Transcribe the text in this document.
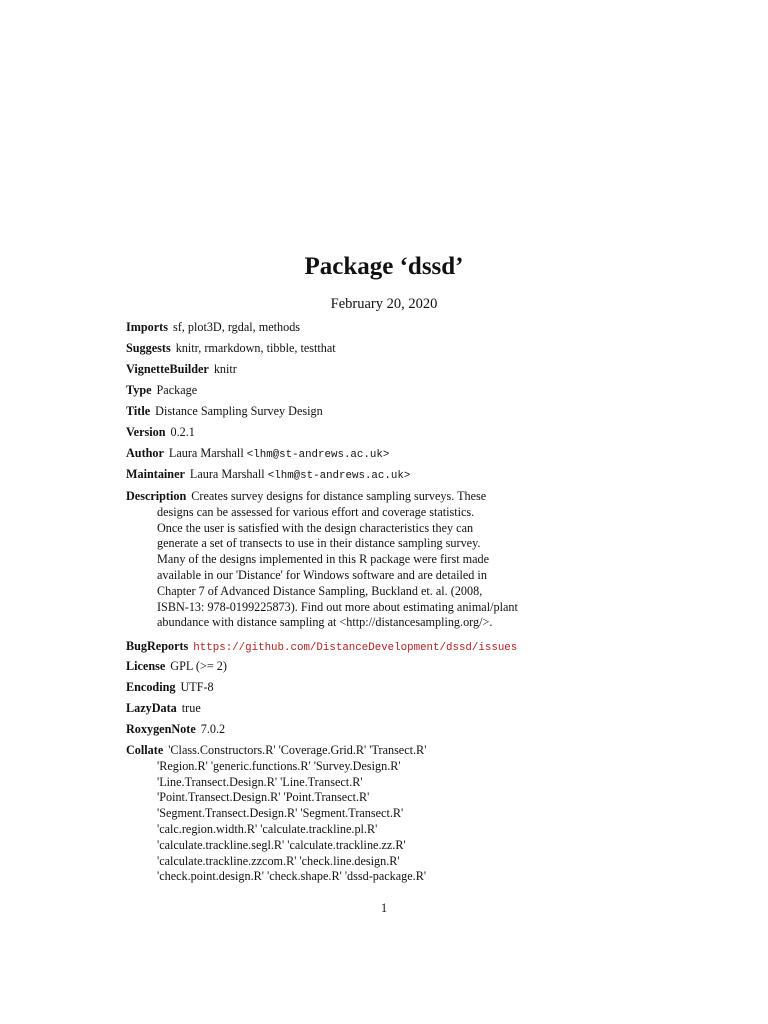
Package ‘dssd’
February 20, 2020
Imports sf, plot3D, rgdal, methods
Suggests knitr, rmarkdown, tibble, testthat
VignetteBuilder knitr
Type Package
Title Distance Sampling Survey Design
Version 0.2.1
Author Laura Marshall <lhm@st-andrews.ac.uk>
Maintainer Laura Marshall <lhm@st-andrews.ac.uk>
Description Creates survey designs for distance sampling surveys. These
designs can be assessed for various effort and coverage statistics.
Once the user is satisfied with the design characteristics they can
generate a set of transects to use in their distance sampling survey.
Many of the designs implemented in this R package were first made
available in our 'Distance' for Windows software and are detailed in
Chapter 7 of Advanced Distance Sampling, Buckland et. al. (2008,
ISBN-13: 978-0199225873). Find out more about estimating animal/plant
abundance with distance sampling at <http://distancesampling.org/>.
BugReports https://github.com/DistanceDevelopment/dssd/issues
License GPL (>= 2)
Encoding UTF-8
LazyData true
RoxygenNote 7.0.2
Collate 'Class.Constructors.R' 'Coverage.Grid.R' 'Transect.R'
'Region.R' 'generic.functions.R' 'Survey.Design.R'
'Line.Transect.Design.R' 'Line.Transect.R'
'Point.Transect.Design.R' 'Point.Transect.R'
'Segment.Transect.Design.R' 'Segment.Transect.R'
'calc.region.width.R' 'calculate.trackline.pl.R'
'calculate.trackline.segl.R' 'calculate.trackline.zz.R'
'calculate.trackline.zzcom.R' 'check.line.design.R'
'check.point.design.R' 'check.shape.R' 'dssd-package.R'
1
